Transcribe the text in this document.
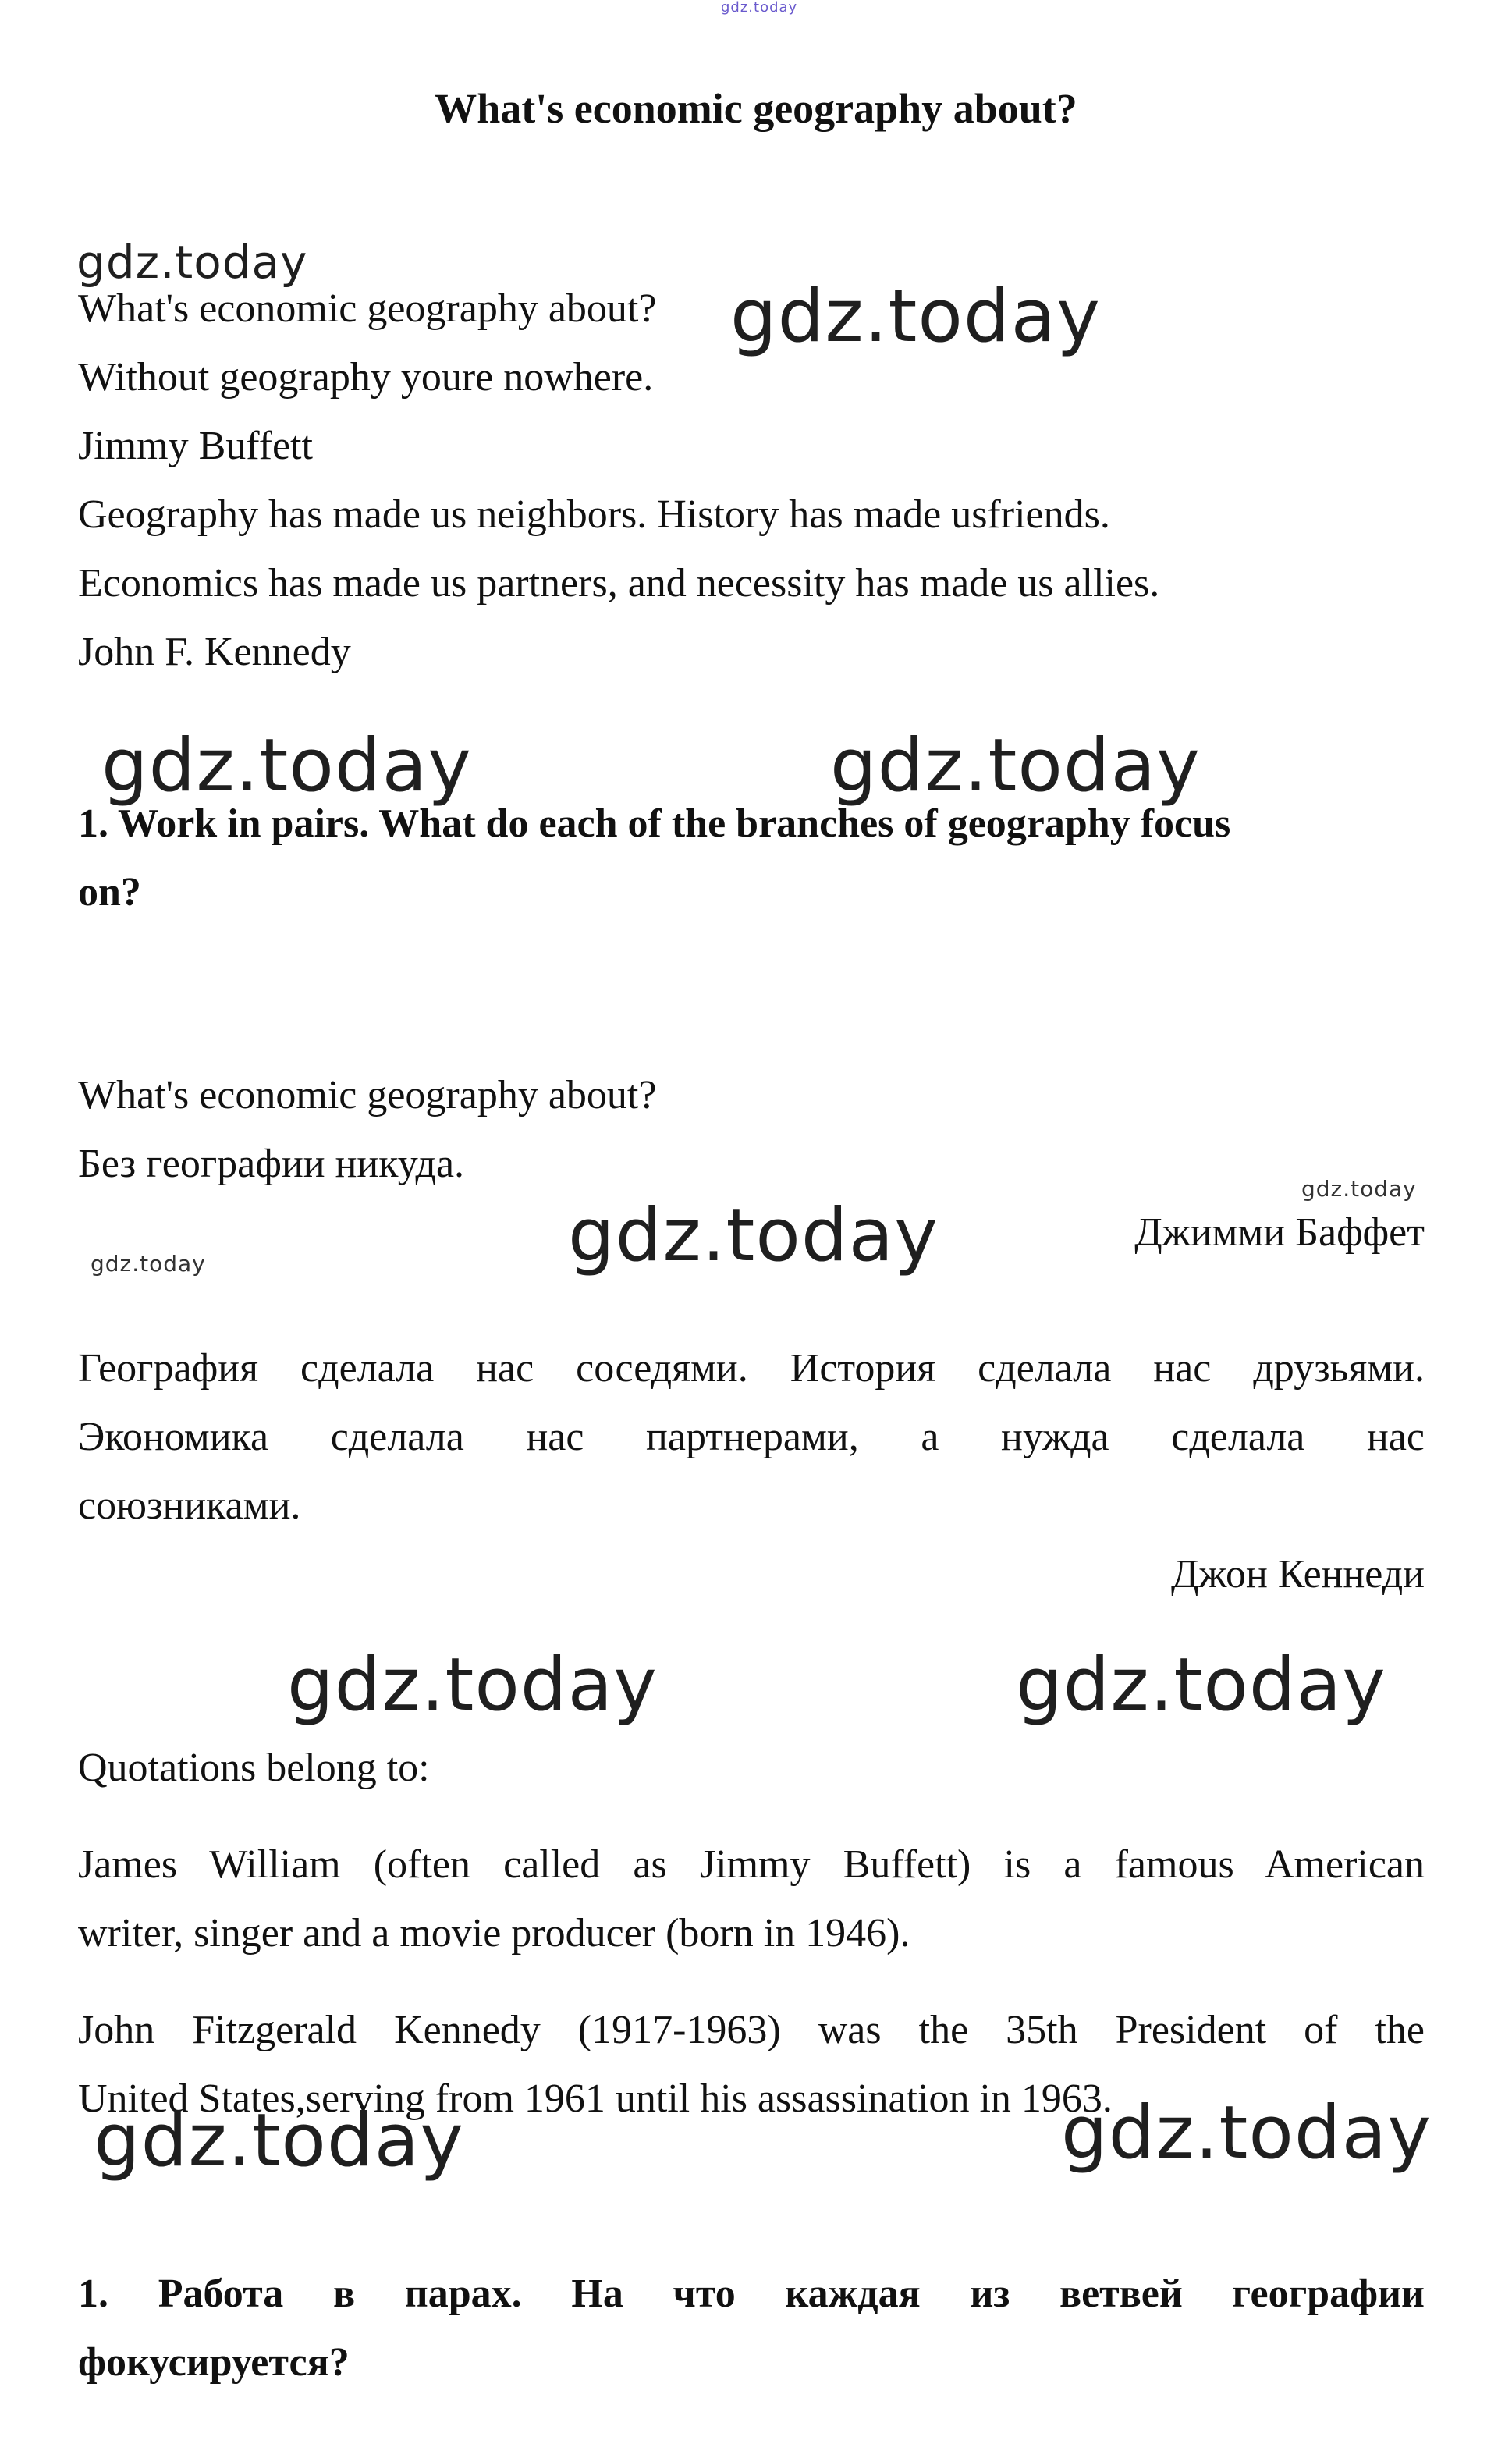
gdz.today
What's economic geography about?
gdz.today
What's economic geography about? gdz.today
Without geography youre nowhere.
Jimmy Buffett
Geography has made us neighbors. History has made usfriends.
Economics has made us partners, and necessity has made us allies.
John F. Kennedy
gdz.today	gdz.today
1. Work in pairs. What do each of the branches of geography focus
on?
What's economic geography about?
Без географии никуда.
gdz.today
gdz.today	Джимми Баффет
gdz.today
География сделала нас соседями. История сделала нас друзьями.
Экономика сделала нас партнерами, а нужда сделала нас
союзниками.
Джон Кеннеди
gdz.today	gdz.today
Quotations belong to:
James William (often called as Jimmy Buffett) is a famous American
writer, singer and a movie producer (born in 1946).
John Fitzgerald Kennedy (1917-1963) was the 35th President of the
United States,serving from 1961 until his assassination in 1963.
gdz.today	gdz.today
1. Работа в парах. На что каждая из ветвей географии
фокусируется?
